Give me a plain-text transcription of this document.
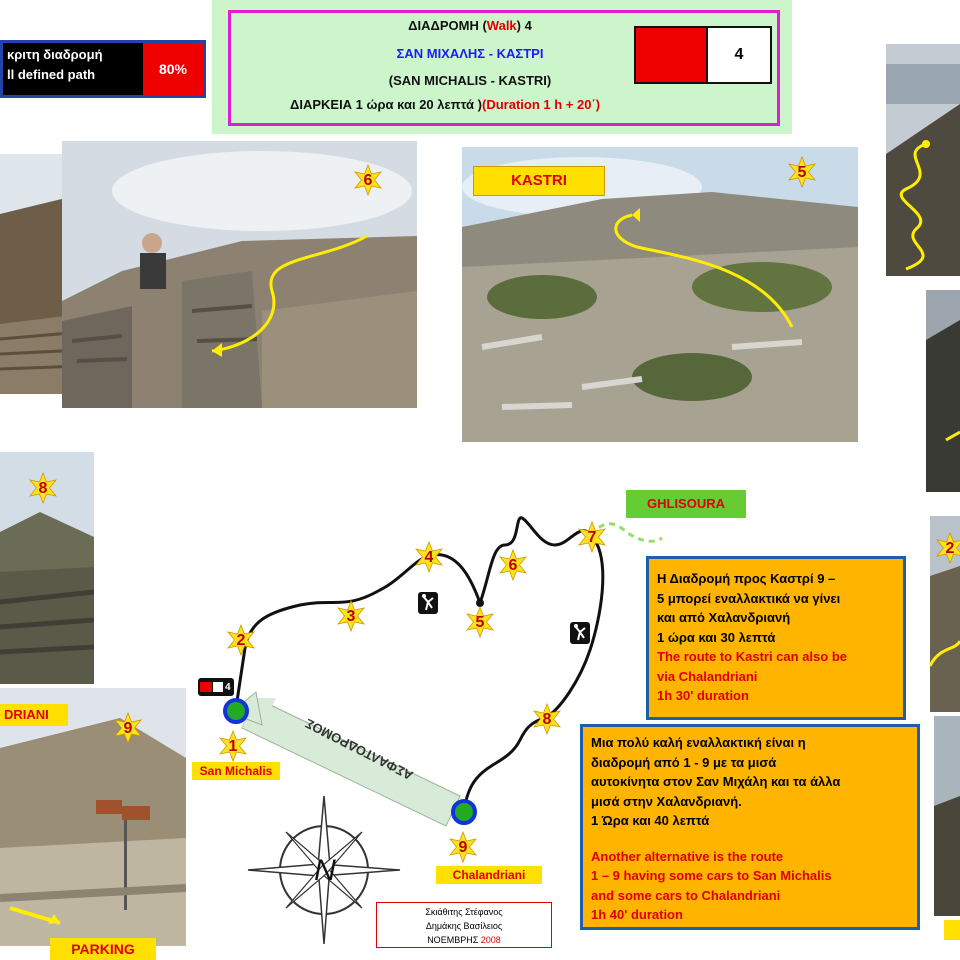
ΔΙΑΔΡΟΜΗ (Walk) 4
ΣΑΝ ΜΙΧΑΛΗΣ - ΚΑΣΤΡΙ
(SAN MICHALIS - KASTRI)
ΔΙΑΡΚΕΙΑ 1 ώρα και 20 λεπτά )(Duration 1 h + 20΄)
4
κριτη διαδρομή
ll defined path	80%
KASTRI
DRIANI
PARKING
ΑΣΦΑΛΤΟΔΡΟΜΟΣ
N
GHLISOURA
San Michalis
Chalandriani
4
1
2
3
4
5
6
7
8
9
6	5
8
9
2
Η Διαδρομή προς Καστρί 9 –
5 μπορεί εναλλακτικά να γίνει
και από Χαλανδριανή
1 ώρα και 30 λεπτά
The route to Kastri can also be
via Chalandriani
1h 30' duration
Μια πολύ καλή εναλλακτική είναι η
διαδρομή από 1 - 9 με τα μισά
αυτοκίνητα στον Σαν Μιχάλη και τα άλλα
μισά στην Χαλανδριανή.
1 Ώρα και 40 λεπτά
Another alternative is the route
1 – 9 having some cars to San Michalis
and some cars to Chalandriani
1h 40' duration
Σκιάθιτης Στέφανος
Δημάκης Βασίλειος
ΝΟΕΜΒΡΗΣ 2008
